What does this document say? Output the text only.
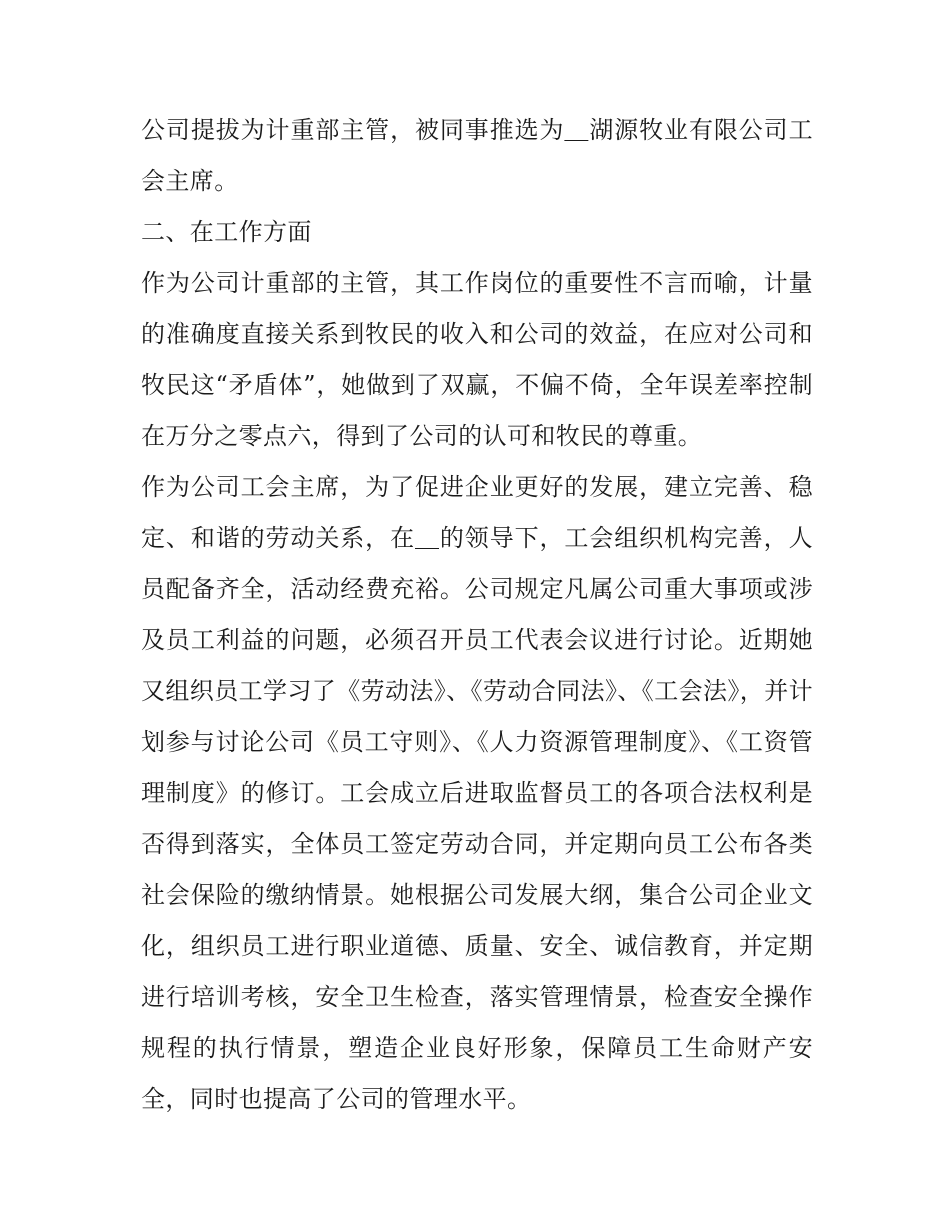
公司提拔为计重部主管，被同事推选为＿湖源牧业有限公司工会主席。

二、在工作方面

作为公司计重部的主管，其工作岗位的重要性不言而喻，计量的准确度直接关系到牧民的收入和公司的效益，在应对公司和牧民这“矛盾体”，她做到了双赢，不偏不倚，全年误差率控制在万分之零点六，得到了公司的认可和牧民的尊重。

作为公司工会主席，为了促进企业更好的发展，建立完善、稳定、和谐的劳动关系，在＿的领导下，工会组织机构完善，人员配备齐全，活动经费充裕。公司规定凡属公司重大事项或涉及员工利益的问题，必须召开员工代表会议进行讨论。近期她又组织员工学习了《劳动法》、《劳动合同法》、《工会法》，并计划参与讨论公司《员工守则》、《人力资源管理制度》、《工资管理制度》的修订。工会成立后进取监督员工的各项合法权利是否得到落实，全体员工签定劳动合同，并定期向员工公布各类社会保险的缴纳情景。她根据公司发展大纲，集合公司企业文化，组织员工进行职业道德、质量、安全、诚信教育，并定期进行培训考核，安全卫生检查，落实管理情景，检查安全操作规程的执行情景，塑造企业良好形象，保障员工生命财产安全，同时也提高了公司的管理水平。
